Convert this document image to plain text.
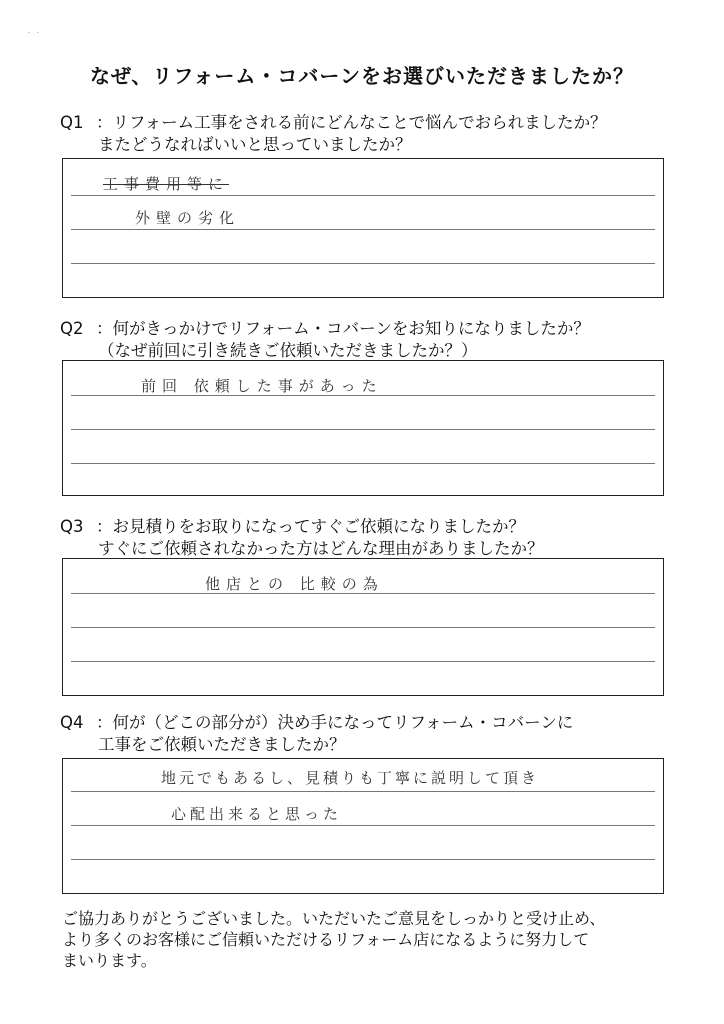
˙ ˙
なぜ、リフォーム・コバーンをお選びいただきましたか？
Q1 ：リフォーム工事をされる前にどんなことで悩んでおられましたか？
またどうなればいいと思っていましたか？
工事費用等に
外壁の劣化
Q2 ：何がきっかけでリフォーム・コバーンをお知りになりましたか？
（なぜ前回に引き続きご依頼いただきましたか？）
前回 依頼した事があった
Q3 ：お見積りをお取りになってすぐご依頼になりましたか？
すぐにご依頼されなかった方はどんな理由がありましたか？
他店との 比較の為
Q4 ：何が（どこの部分が）決め手になってリフォーム・コバーンに
工事をご依頼いただきましたか？
地元でもあるし、見積りも丁寧に説明して頂き
心配出来ると思った
ご協力ありがとうございました。いただいたご意見をしっかりと受け止め、
より多くのお客様にご信頼いただけるリフォーム店になるように努力して
まいります。
